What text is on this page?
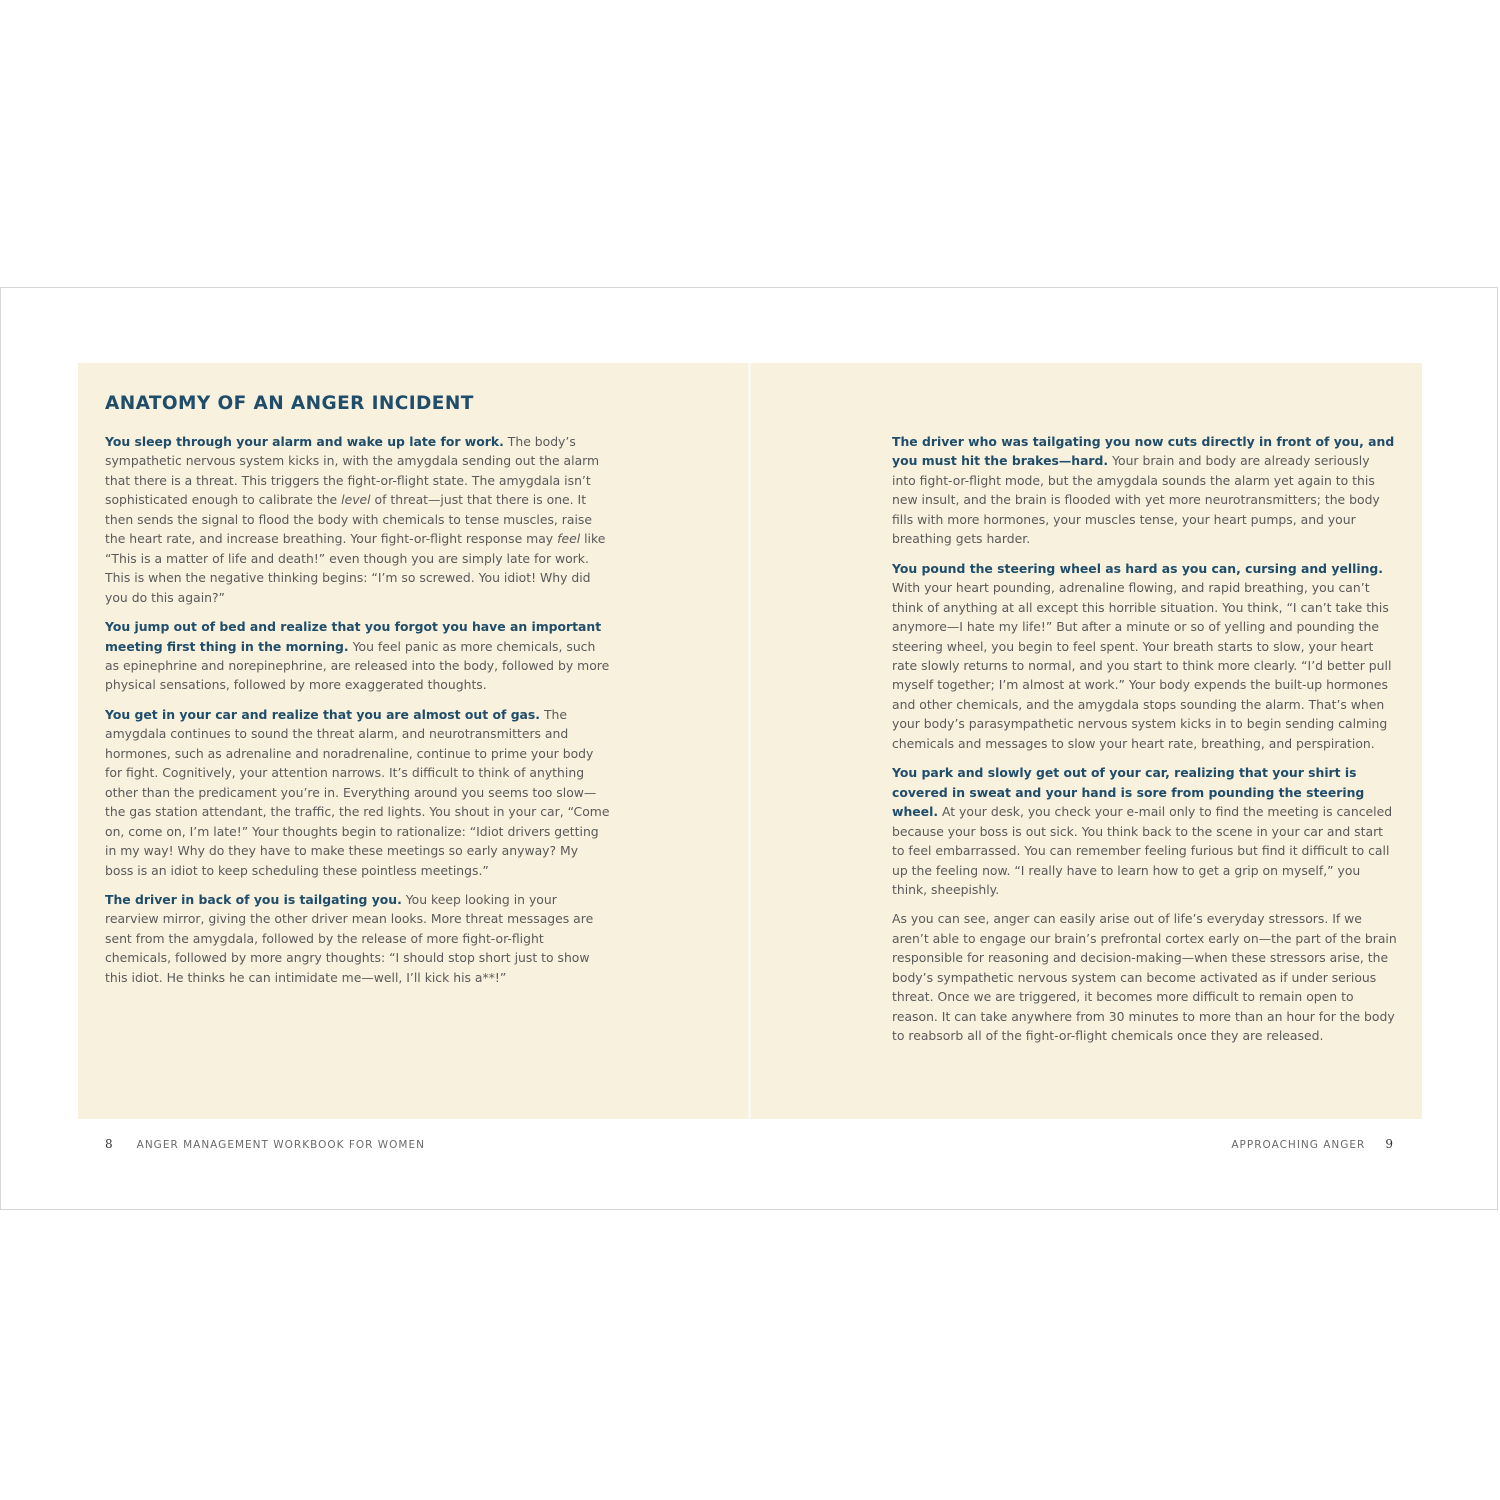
ANATOMY OF AN ANGER INCIDENT

You sleep through your alarm and wake up late for work. The body’s sympathetic nervous system kicks in, with the amygdala sending out the alarm that there is a threat. This triggers the fight-or-flight state. The amygdala isn’t sophisticated enough to calibrate the level of threat—just that there is one. It then sends the signal to flood the body with chemicals to tense muscles, raise the heart rate, and increase breathing. Your fight-or-flight response may feel like “This is a matter of life and death!” even though you are simply late for work. This is when the negative thinking begins: “I’m so screwed. You idiot! Why did you do this again?”

You jump out of bed and realize that you forgot you have an important meeting first thing in the morning. You feel panic as more chemicals, such as epinephrine and norepinephrine, are released into the body, followed by more physical sensations, followed by more exaggerated thoughts.

You get in your car and realize that you are almost out of gas. The amygdala continues to sound the threat alarm, and neurotransmitters and hormones, such as adrenaline and noradrenaline, continue to prime your body for fight. Cognitively, your attention narrows. It’s difficult to think of anything other than the predicament you’re in. Everything around you seems too slow—the gas station attendant, the traffic, the red lights. You shout in your car, “Come on, come on, I’m late!” Your thoughts begin to rationalize: “Idiot drivers getting in my way! Why do they have to make these meetings so early anyway? My boss is an idiot to keep scheduling these pointless meetings.”

The driver in back of you is tailgating you. You keep looking in your rearview mirror, giving the other driver mean looks. More threat messages are sent from the amygdala, followed by the release of more fight-or-flight chemicals, followed by more angry thoughts: “I should stop short just to show this idiot. He thinks he can intimidate me—well, I’ll kick his a**!”

The driver who was tailgating you now cuts directly in front of you, and you must hit the brakes—hard. Your brain and body are already seriously into fight-or-flight mode, but the amygdala sounds the alarm yet again to this new insult, and the brain is flooded with yet more neurotransmitters; the body fills with more hormones, your muscles tense, your heart pumps, and your breathing gets harder.

You pound the steering wheel as hard as you can, cursing and yelling. With your heart pounding, adrenaline flowing, and rapid breathing, you can’t think of anything at all except this horrible situation. You think, “I can’t take this anymore—I hate my life!” But after a minute or so of yelling and pounding the steering wheel, you begin to feel spent. Your breath starts to slow, your heart rate slowly returns to normal, and you start to think more clearly. “I’d better pull myself together; I’m almost at work.” Your body expends the built-up hormones and other chemicals, and the amygdala stops sounding the alarm. That’s when your body’s parasympathetic nervous system kicks in to begin sending calming chemicals and messages to slow your heart rate, breathing, and perspiration.

You park and slowly get out of your car, realizing that your shirt is covered in sweat and your hand is sore from pounding the steering wheel. At your desk, you check your e-mail only to find the meeting is canceled because your boss is out sick. You think back to the scene in your car and start to feel embarrassed. You can remember feeling furious but find it difficult to call up the feeling now. “I really have to learn how to get a grip on myself,” you think, sheepishly.

As you can see, anger can easily arise out of life’s everyday stressors. If we aren’t able to engage our brain’s prefrontal cortex early on—the part of the brain responsible for reasoning and decision-making—when these stressors arise, the body’s sympathetic nervous system can become activated as if under serious threat. Once we are triggered, it becomes more difficult to remain open to reason. It can take anywhere from 30 minutes to more than an hour for the body to reabsorb all of the fight-or-flight chemicals once they are released.

8 ANGER MANAGEMENT WORKBOOK FOR WOMEN	APPROACHING ANGER 9
